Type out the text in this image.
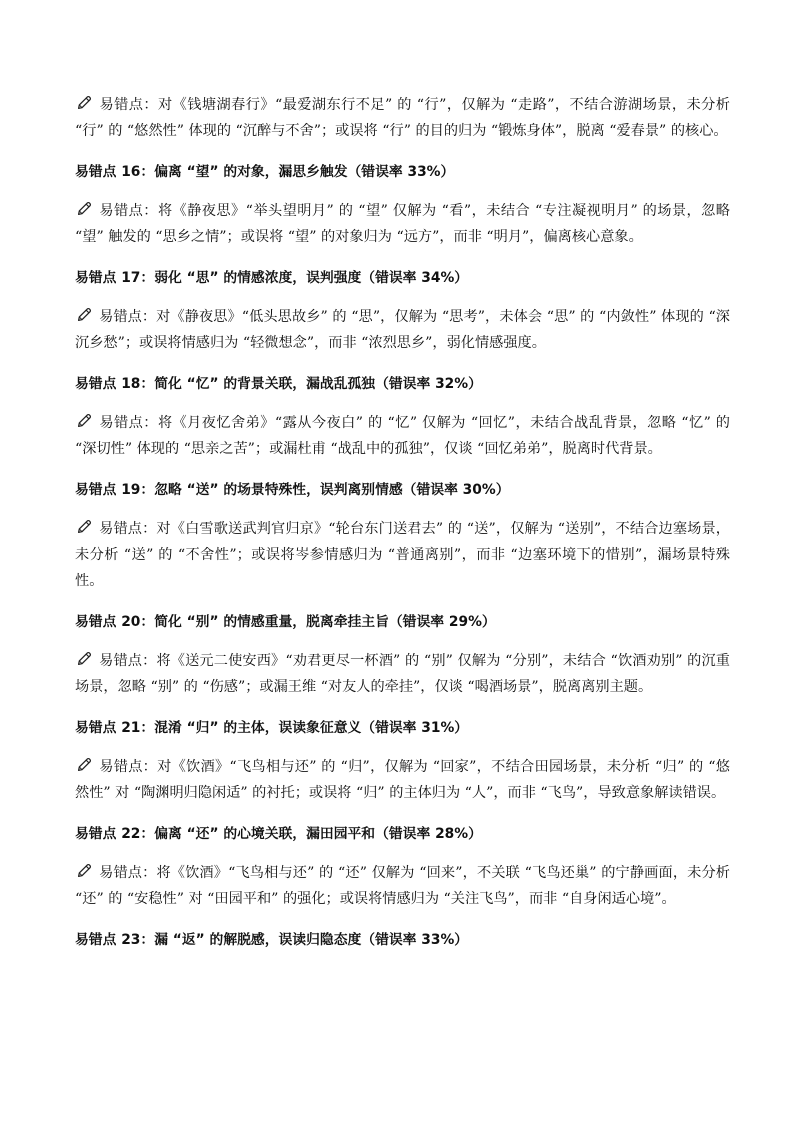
易错点：对《钱塘湖春行》“最爱湖东行不足” 的 “行”，仅解为 “走路”，不结合游湖场景，未分析 “行” 的 “悠然性” 体现的 “沉醉与不舍”；或误将 “行” 的目的归为 “锻炼身体”，脱离 “爱春景” 的核心。

易错点 16：偏离 “望” 的对象，漏思乡触发（错误率 33%）

易错点：将《静夜思》“举头望明月” 的 “望” 仅解为 “看”，未结合 “专注凝视明月” 的场景，忽略 “望” 触发的 “思乡之情”；或误将 “望” 的对象归为 “远方”，而非 “明月”，偏离核心意象。

易错点 17：弱化 “思” 的情感浓度，误判强度（错误率 34%）

易错点：对《静夜思》“低头思故乡” 的 “思”，仅解为 “思考”，未体会 “思” 的 “内敛性” 体现的 “深沉乡愁”；或误将情感归为 “轻微想念”，而非 “浓烈思乡”，弱化情感强度。

易错点 18：简化 “忆” 的背景关联，漏战乱孤独（错误率 32%）

易错点：将《月夜忆舍弟》“露从今夜白” 的 “忆” 仅解为 “回忆”，未结合战乱背景，忽略 “忆” 的 “深切性” 体现的 “思亲之苦”；或漏杜甫 “战乱中的孤独”，仅谈 “回忆弟弟”，脱离时代背景。

易错点 19：忽略 “送” 的场景特殊性，误判离别情感（错误率 30%）

易错点：对《白雪歌送武判官归京》“轮台东门送君去” 的 “送”，仅解为 “送别”，不结合边塞场景，未分析 “送” 的 “不舍性”；或误将岑参情感归为 “普通离别”，而非 “边塞环境下的惜别”，漏场景特殊性。

易错点 20：简化 “别” 的情感重量，脱离牵挂主旨（错误率 29%）

易错点：将《送元二使安西》“劝君更尽一杯酒” 的 “别” 仅解为 “分别”，未结合 “饮酒劝别” 的沉重场景，忽略 “别” 的 “伤感”；或漏王维 “对友人的牵挂”，仅谈 “喝酒场景”，脱离离别主题。

易错点 21：混淆 “归” 的主体，误读象征意义（错误率 31%）

易错点：对《饮酒》“飞鸟相与还” 的 “归”，仅解为 “回家”，不结合田园场景，未分析 “归” 的 “悠然性” 对 “陶渊明归隐闲适” 的衬托；或误将 “归” 的主体归为 “人”，而非 “飞鸟”，导致意象解读错误。

易错点 22：偏离 “还” 的心境关联，漏田园平和（错误率 28%）

易错点：将《饮酒》“飞鸟相与还” 的 “还” 仅解为 “回来”，不关联 “飞鸟还巢” 的宁静画面，未分析 “还” 的 “安稳性” 对 “田园平和” 的强化；或误将情感归为 “关注飞鸟”，而非 “自身闲适心境”。

易错点 23：漏 “返” 的解脱感，误读归隐态度（错误率 33%）
